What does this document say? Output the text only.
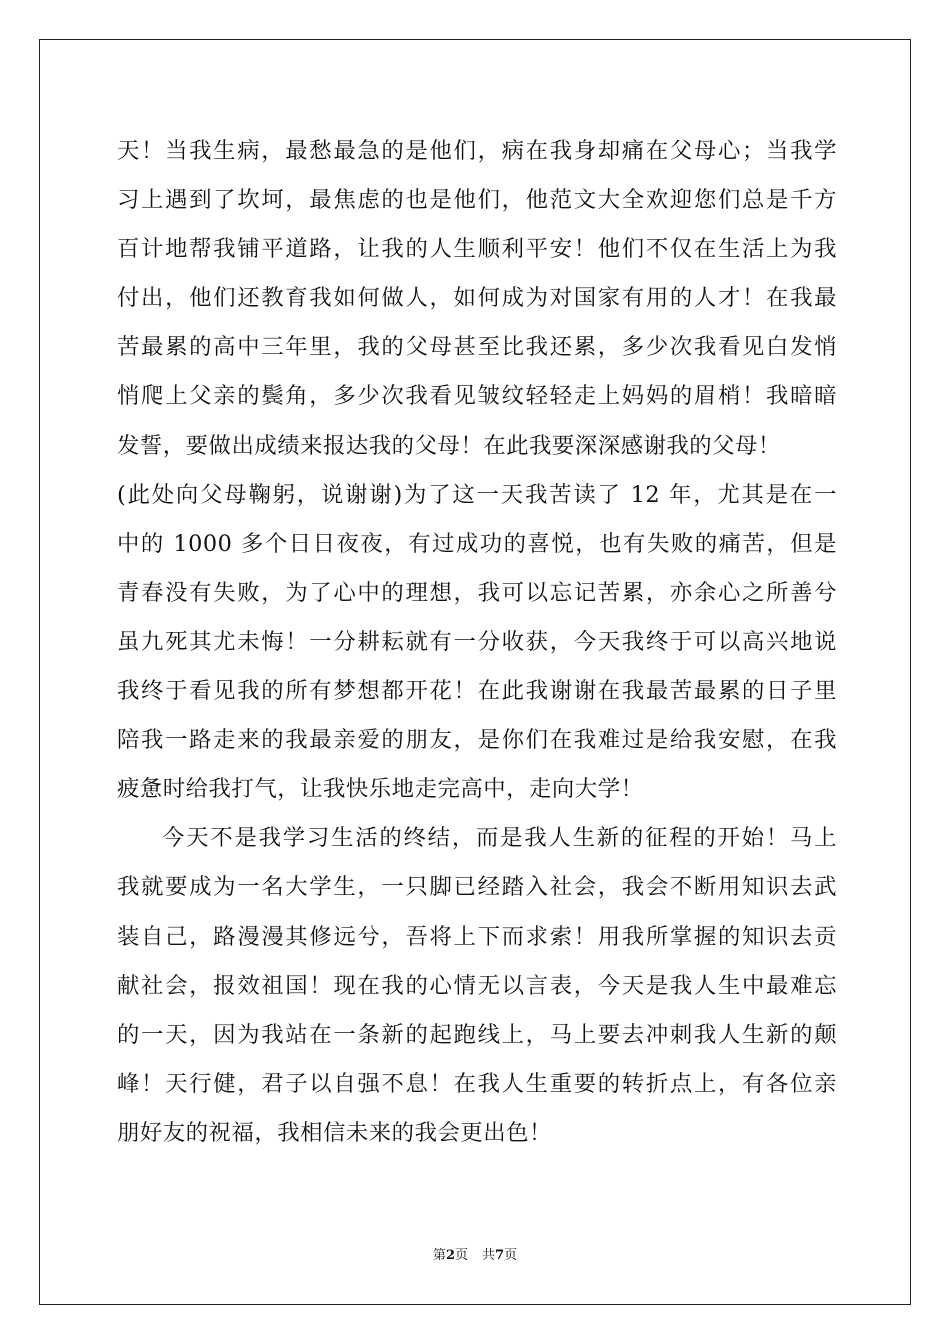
天！当我生病，最愁最急的是他们，病在我身却痛在父母心；当我学
习上遇到了坎坷，最焦虑的也是他们，他范文大全欢迎您们总是千方
百计地帮我铺平道路，让我的人生顺利平安！他们不仅在生活上为我
付出，他们还教育我如何做人，如何成为对国家有用的人才！在我最
苦最累的高中三年里，我的父母甚至比我还累，多少次我看见白发悄
悄爬上父亲的鬓角，多少次我看见皱纹轻轻走上妈妈的眉梢！我暗暗
发誓，要做出成绩来报达我的父母！在此我要深深感谢我的父母！
(此处向父母鞠躬，说谢谢)为了这一天我苦读了 12 年，尤其是在一
中的 1000 多个日日夜夜，有过成功的喜悦，也有失败的痛苦，但是
青春没有失败，为了心中的理想，我可以忘记苦累，亦余心之所善兮
虽九死其尤未悔！一分耕耘就有一分收获，今天我终于可以高兴地说
我终于看见我的所有梦想都开花！在此我谢谢在我最苦最累的日子里
陪我一路走来的我最亲爱的朋友，是你们在我难过是给我安慰，在我
疲惫时给我打气，让我快乐地走完高中，走向大学！
今天不是我学习生活的终结，而是我人生新的征程的开始！马上
我就要成为一名大学生，一只脚已经踏入社会，我会不断用知识去武
装自己，路漫漫其修远兮，吾将上下而求索！用我所掌握的知识去贡
献社会，报效祖国！现在我的心情无以言表，今天是我人生中最难忘
的一天，因为我站在一条新的起跑线上，马上要去冲刺我人生新的颠
峰！天行健，君子以自强不息！在我人生重要的转折点上，有各位亲
朋好友的祝福，我相信未来的我会更出色！
第2页 共7页
